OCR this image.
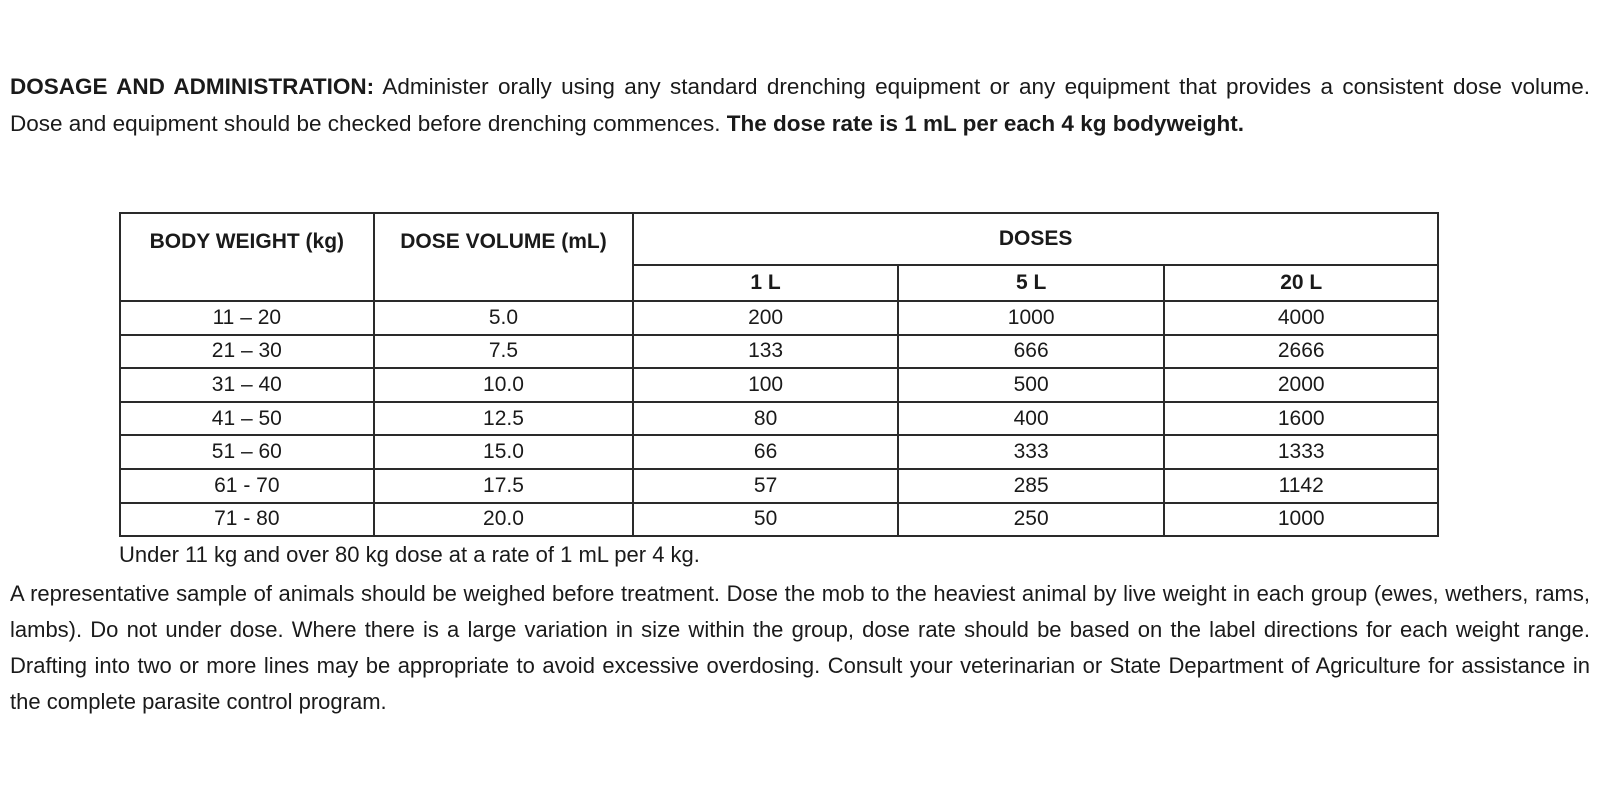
DOSAGE AND ADMINISTRATION: Administer orally using any standard drenching equipment or any equipment that provides a consistent dose volume. Dose and equipment should be checked before drenching commences. The dose rate is 1 mL per each 4 kg bodyweight.
BODY WEIGHT (kg)	DOSE VOLUME (mL)	DOSES		
		1 L	5 L	20 L
11 – 20	5.0	200	1000	4000
21 – 30	7.5	133	666	2666
31 – 40	10.0	100	500	2000
41 – 50	12.5	80	400	1600
51 – 60	15.0	66	333	1333
61 - 70	17.5	57	285	1142
71 - 80	20.0	50	250	1000
Under 11 kg and over 80 kg dose at a rate of 1 mL per 4 kg.
A representative sample of animals should be weighed before treatment. Dose the mob to the heaviest animal by live weight in each group (ewes, wethers, rams, lambs). Do not under dose. Where there is a large variation in size within the group, dose rate should be based on the label directions for each weight range. Drafting into two or more lines may be appropriate to avoid excessive overdosing. Consult your veterinarian or State Department of Agriculture for assistance in the complete parasite control program.
